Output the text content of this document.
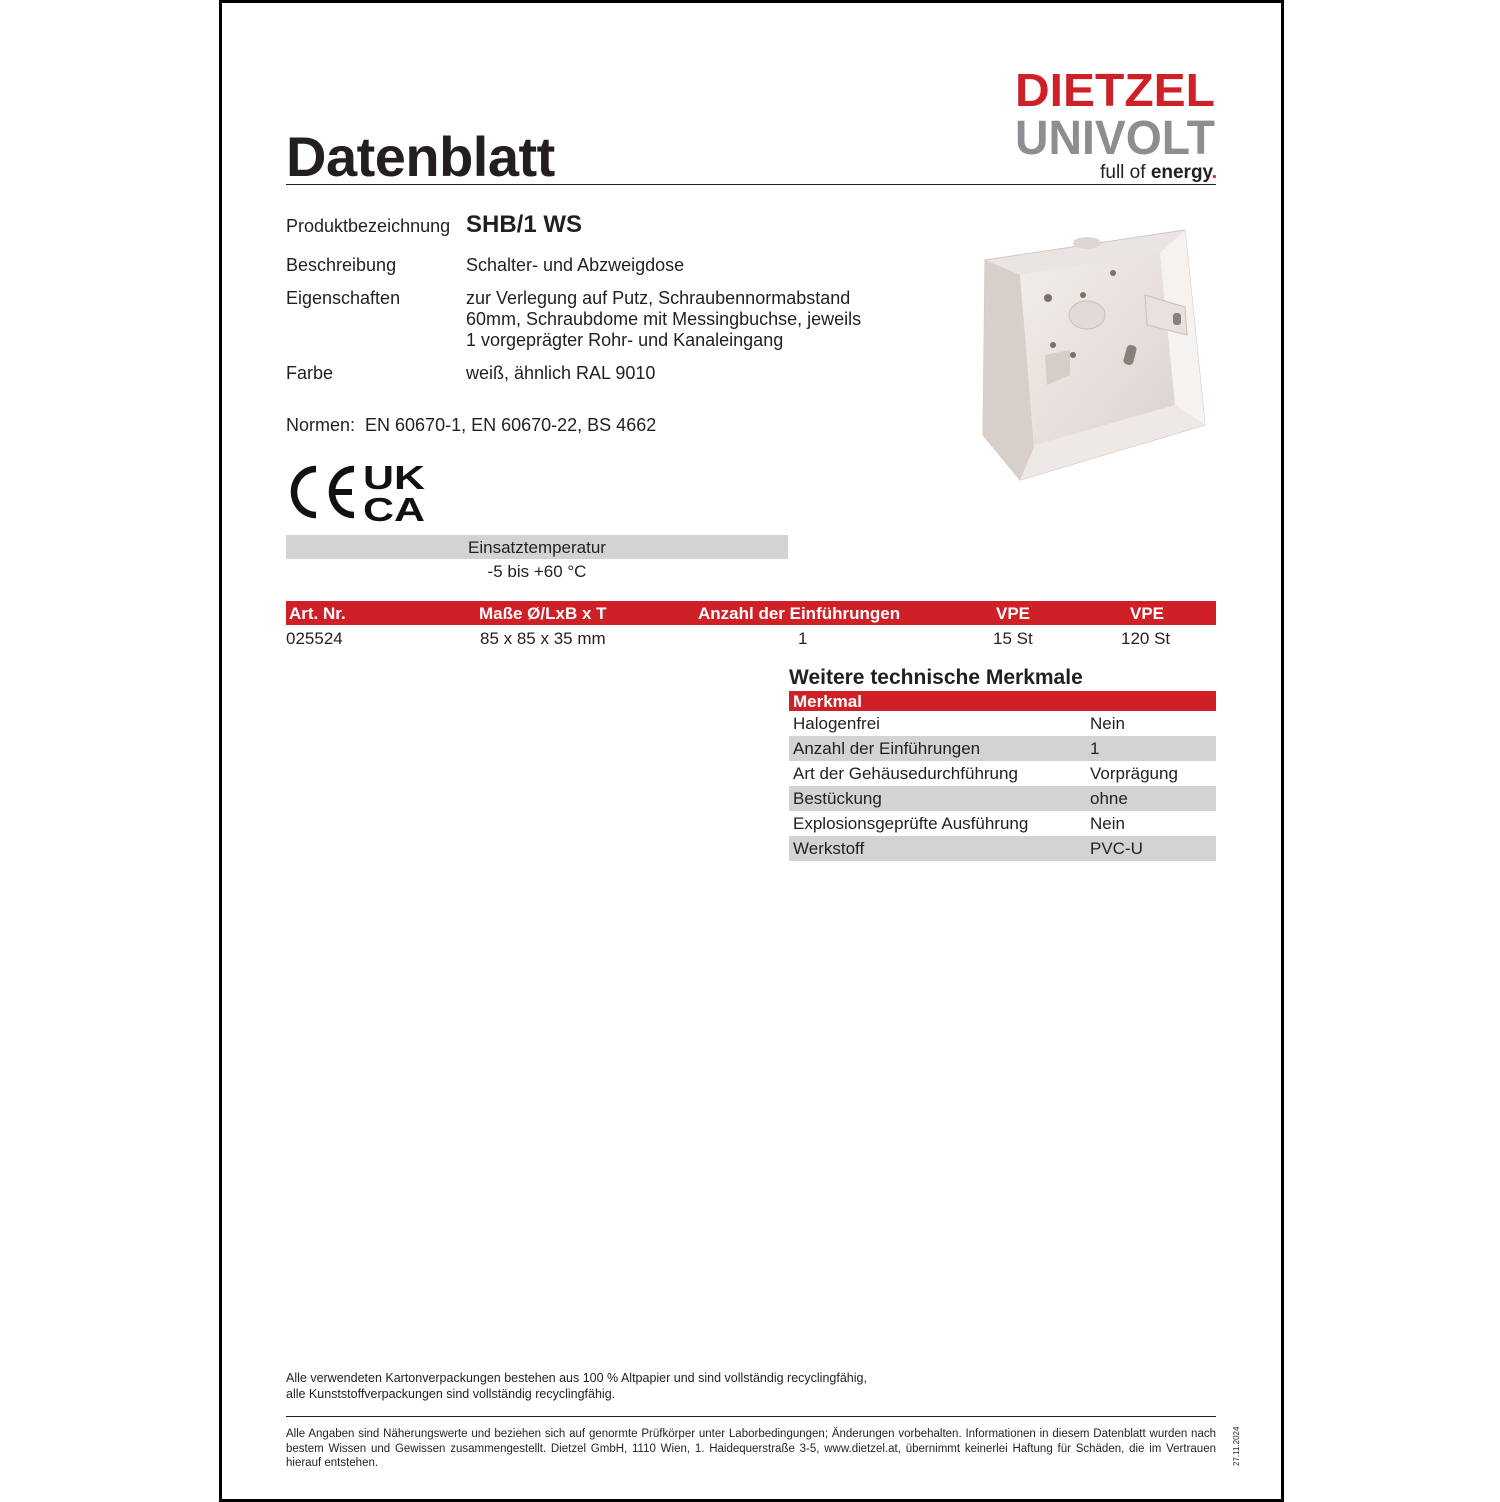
Datenblatt
DIETZEL
UNIVOLT
full of energy.
Produktbezeichnung SHB/1 WS
Beschreibung	Schalter- und Abzweigdose
Eigenschaften	zur Verlegung auf Putz, Schraubennormabstand
60mm, Schraubdome mit Messingbuchse, jeweils
1 vorgeprägter Rohr- und Kanaleingang
Farbe	weiß, ähnlich RAL 9010
Normen:  EN 60670-1, EN 60670-22, BS 4662
UK
CA
Einsatztemperatur
-5 bis +60 °C
Art. Nr.	Maße Ø/LxB x T	Anzahl der Einführungen	VPE	VPE
025524	85 x 85 x 35 mm	1	15 St	120 St
Weitere technische Merkmale
Merkmal
Halogenfrei	Nein
Anzahl der Einführungen	1
Art der Gehäusedurchführung	Vorprägung
Bestückung	ohne
Explosionsgeprüfte Ausführung	Nein
Werkstoff	PVC-U
Alle verwendeten Kartonverpackungen bestehen aus 100 % Altpapier und sind vollständig recyclingfähig,
alle Kunststoffverpackungen sind vollständig recyclingfähig.
Alle Angaben sind Näherungswerte und beziehen sich auf genormte Prüfkörper unter Laborbedingungen; Änderungen vorbehalten. Informationen in diesem Datenblatt wurden nach bestem Wissen und Gewissen zusammengestellt. Dietzel GmbH, 1110 Wien, 1. Haidequerstraße 3-5, www.dietzel.at, übernimmt keinerlei Haftung für Schäden, die im Vertrauen hierauf entstehen.	27.11.2024
